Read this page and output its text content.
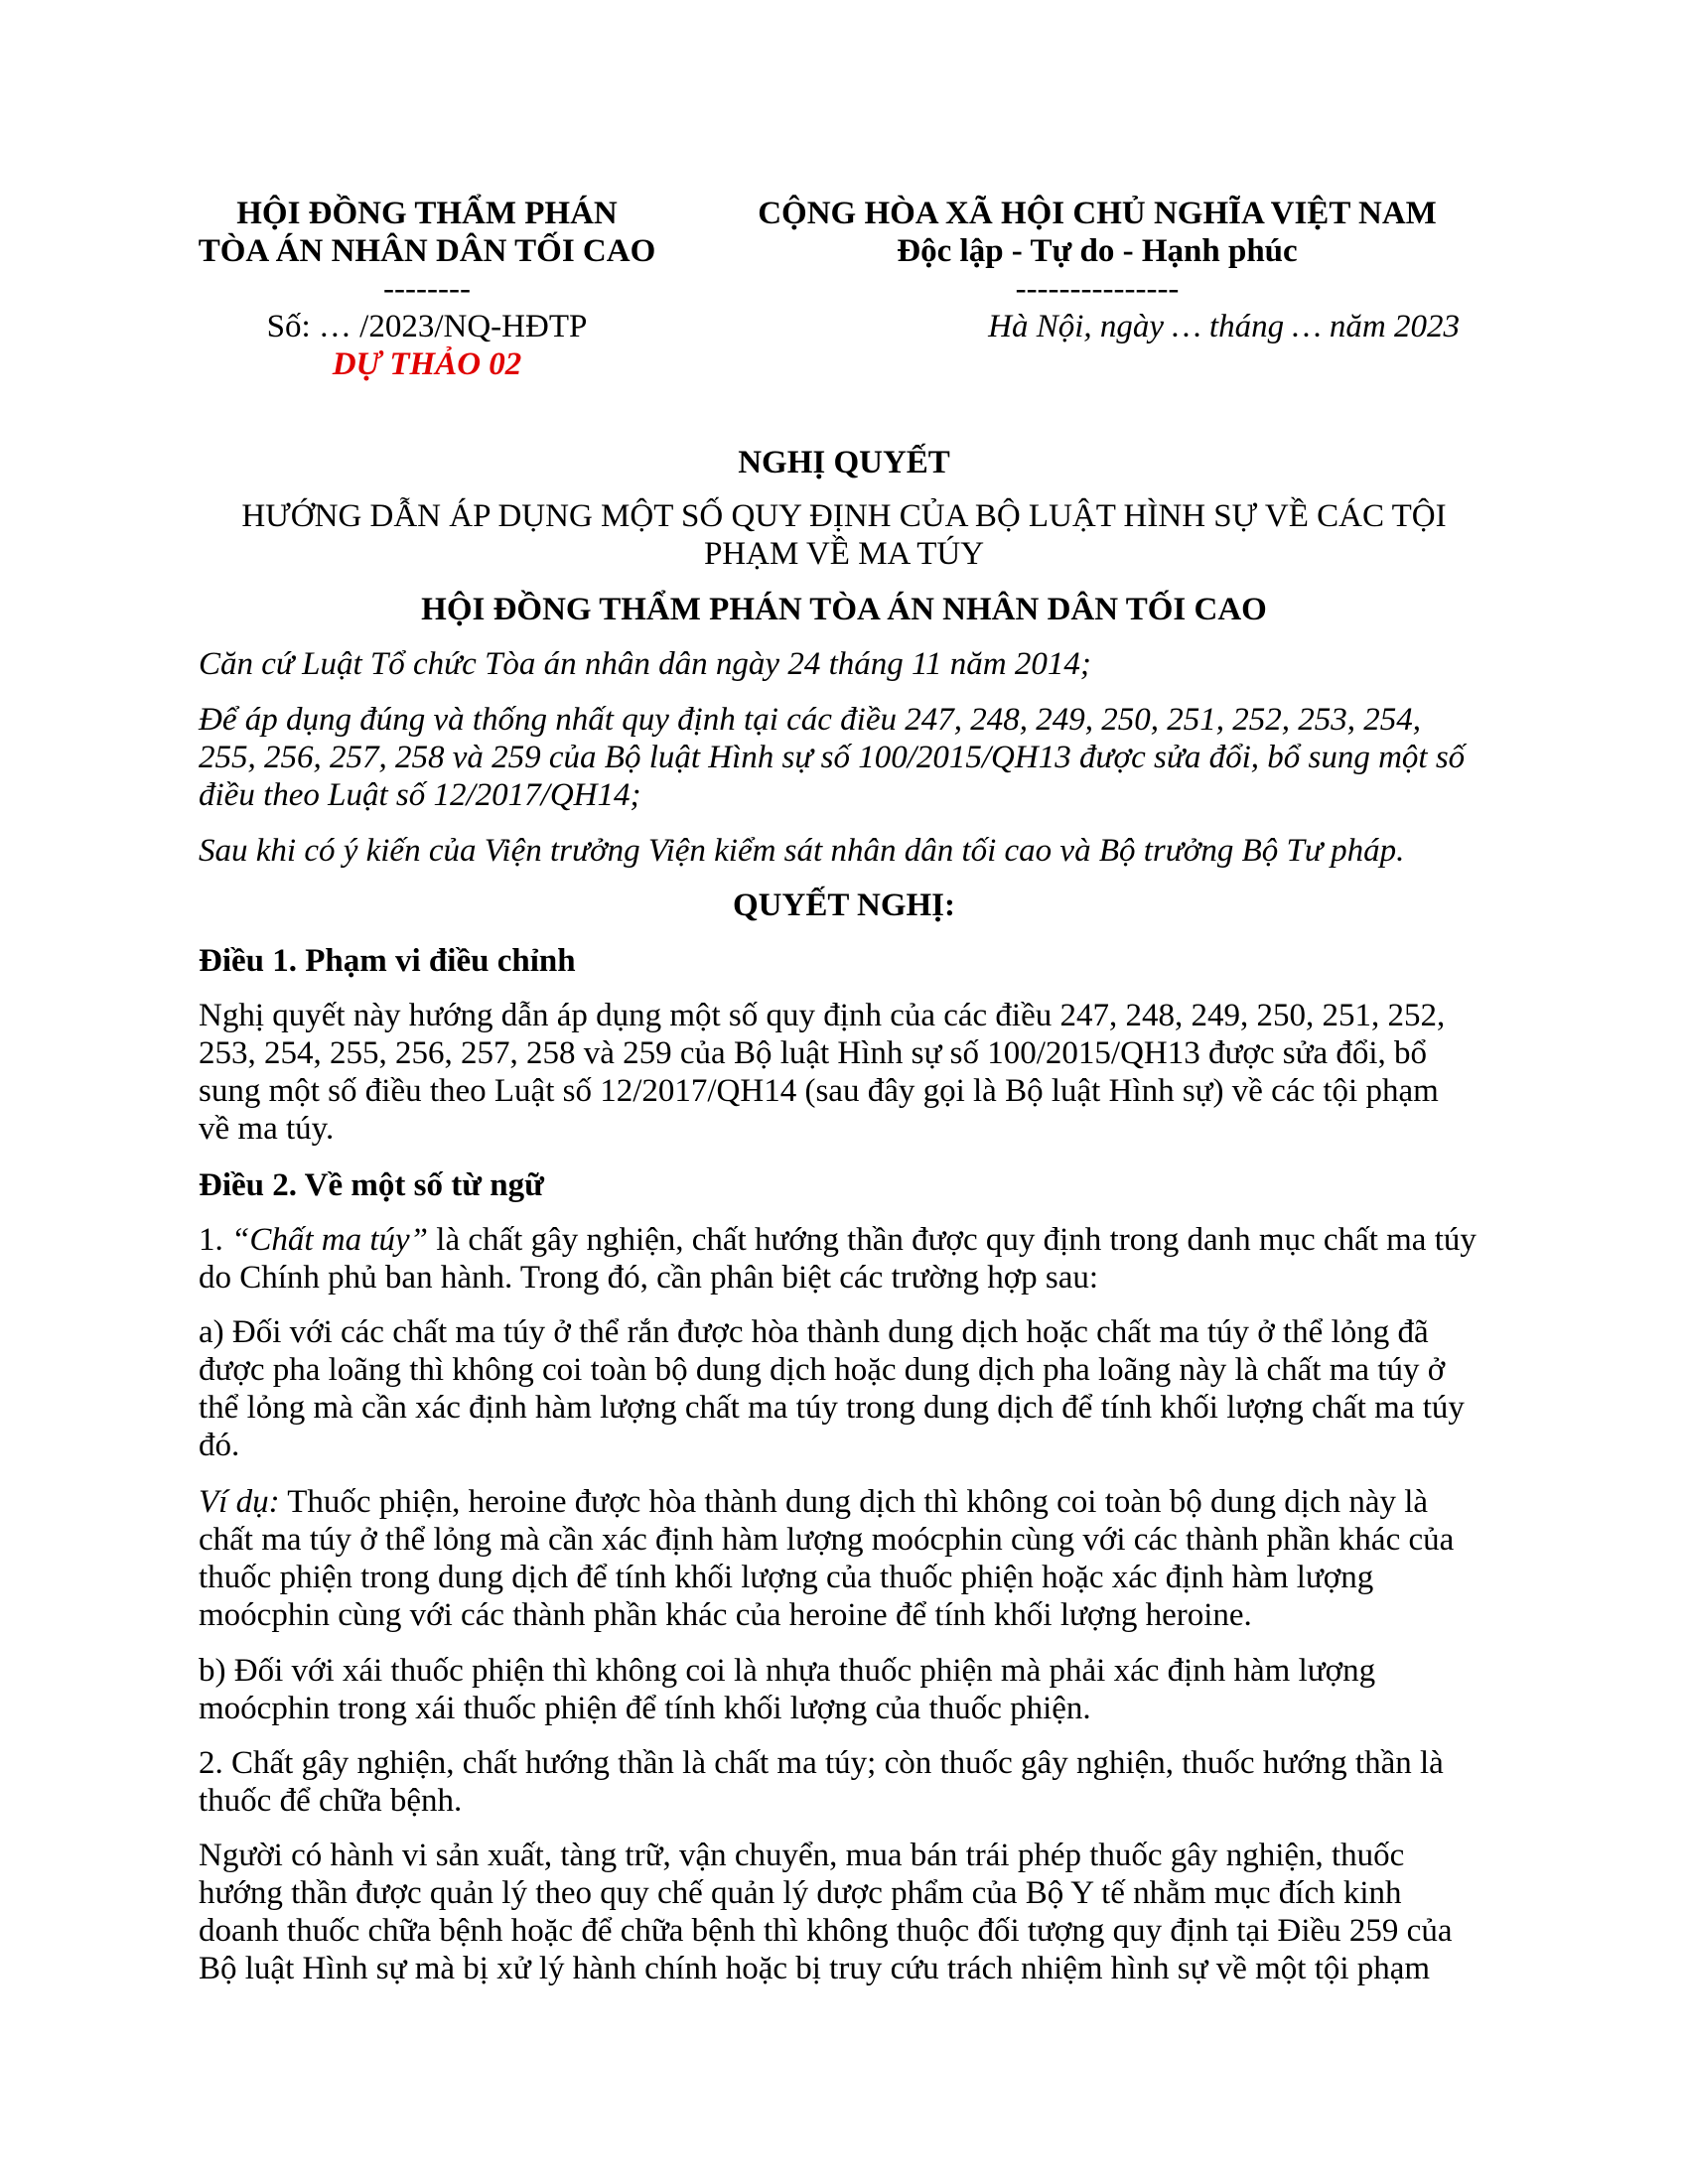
HỘI ĐỒNG THẨM PHÁN
TÒA ÁN NHÂN DÂN TỐI CAO
--------
Số: … /2023/NQ-HĐTP
DỰ THẢO 02
CỘNG HÒA XÃ HỘI CHỦ NGHĨA VIỆT NAM
Độc lập - Tự do - Hạnh phúc
---------------
Hà Nội, ngày … tháng … năm 2023
NGHỊ QUYẾT
HƯỚNG DẪN ÁP DỤNG MỘT SỐ QUY ĐỊNH CỦA BỘ LUẬT HÌNH SỰ VỀ CÁC TỘI
PHẠM VỀ MA TÚY
HỘI ĐỒNG THẨM PHÁN TÒA ÁN NHÂN DÂN TỐI CAO
Căn cứ Luật Tổ chức Tòa án nhân dân ngày 24 tháng 11 năm 2014;
Để áp dụng đúng và thống nhất quy định tại các điều 247, 248, 249, 250, 251, 252, 253, 254,
255, 256, 257, 258 và 259 của Bộ luật Hình sự số 100/2015/QH13 được sửa đổi, bổ sung một số
điều theo Luật số 12/2017/QH14;
Sau khi có ý kiến của Viện trưởng Viện kiểm sát nhân dân tối cao và Bộ trưởng Bộ Tư pháp.
QUYẾT NGHỊ:
Điều 1. Phạm vi điều chỉnh
Nghị quyết này hướng dẫn áp dụng một số quy định của các điều 247, 248, 249, 250, 251, 252,
253, 254, 255, 256, 257, 258 và 259 của Bộ luật Hình sự số 100/2015/QH13 được sửa đổi, bổ
sung một số điều theo Luật số 12/2017/QH14 (sau đây gọi là Bộ luật Hình sự) về các tội phạm
về ma túy.
Điều 2. Về một số từ ngữ
1. “Chất ma túy” là chất gây nghiện, chất hướng thần được quy định trong danh mục chất ma túy
do Chính phủ ban hành. Trong đó, cần phân biệt các trường hợp sau:
a) Đối với các chất ma túy ở thể rắn được hòa thành dung dịch hoặc chất ma túy ở thể lỏng đã
được pha loãng thì không coi toàn bộ dung dịch hoặc dung dịch pha loãng này là chất ma túy ở
thể lỏng mà cần xác định hàm lượng chất ma túy trong dung dịch để tính khối lượng chất ma túy
đó.
Ví dụ: Thuốc phiện, heroine được hòa thành dung dịch thì không coi toàn bộ dung dịch này là
chất ma túy ở thể lỏng mà cần xác định hàm lượng moócphin cùng với các thành phần khác của
thuốc phiện trong dung dịch để tính khối lượng của thuốc phiện hoặc xác định hàm lượng
moócphin cùng với các thành phần khác của heroine để tính khối lượng heroine.
b) Đối với xái thuốc phiện thì không coi là nhựa thuốc phiện mà phải xác định hàm lượng
moócphin trong xái thuốc phiện để tính khối lượng của thuốc phiện.
2. Chất gây nghiện, chất hướng thần là chất ma túy; còn thuốc gây nghiện, thuốc hướng thần là
thuốc để chữa bệnh.
Người có hành vi sản xuất, tàng trữ, vận chuyển, mua bán trái phép thuốc gây nghiện, thuốc
hướng thần được quản lý theo quy chế quản lý dược phẩm của Bộ Y tế nhằm mục đích kinh
doanh thuốc chữa bệnh hoặc để chữa bệnh thì không thuộc đối tượng quy định tại Điều 259 của
Bộ luật Hình sự mà bị xử lý hành chính hoặc bị truy cứu trách nhiệm hình sự về một tội phạm
